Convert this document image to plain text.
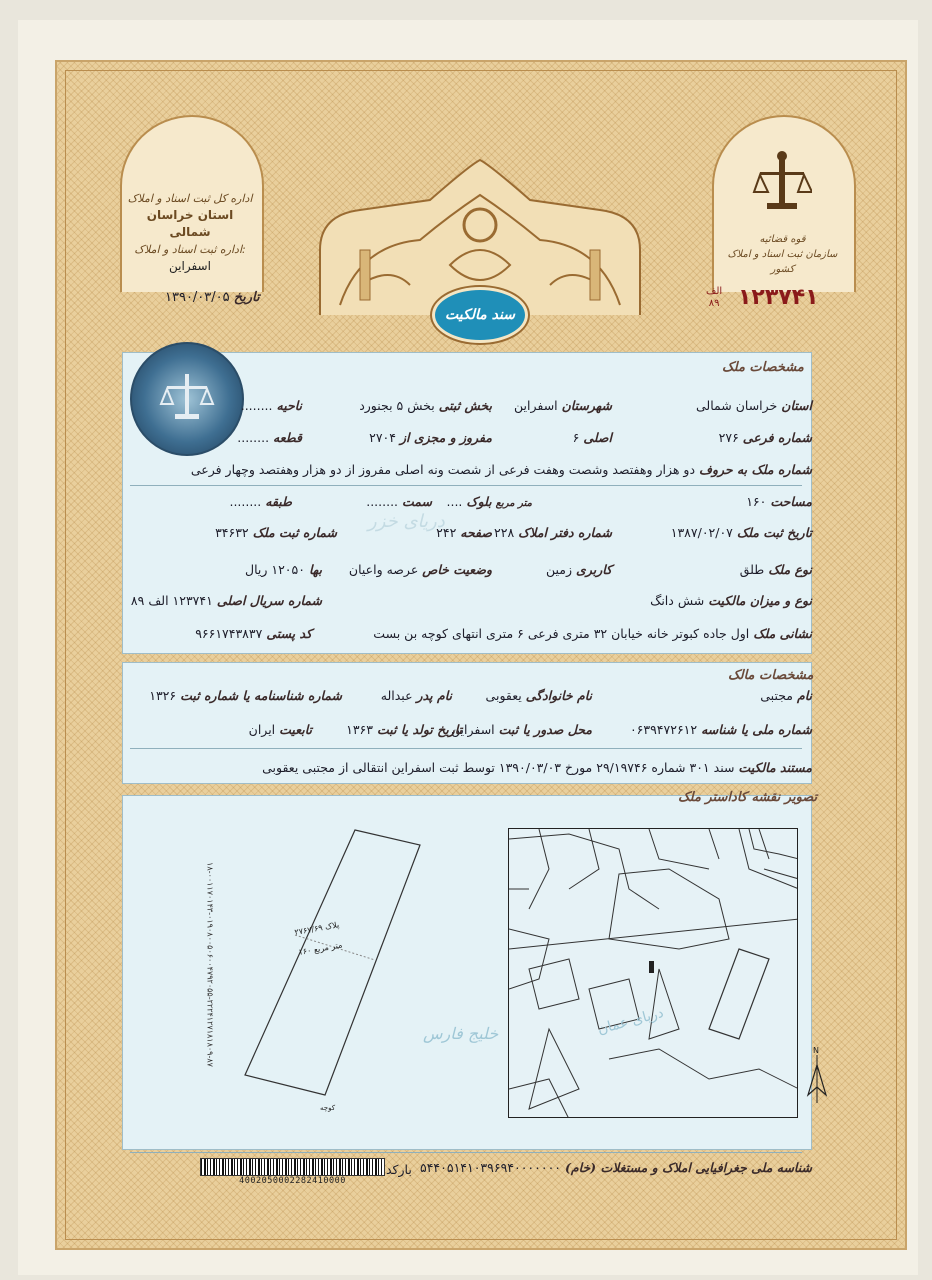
اداره کل ثبت اسناد و املاک
استان خراسان شمالی
اداره ثبت اسناد و املاک:
اسفراین
تاریخ ۱۳۹۰/۰۳/۰۵
قوه قضائیه
سازمان ثبت اسناد و املاک کشور
۱۲۳۷۴۱
الف
۸۹
سند مالکیت
دریای خزر
مشخصات ملک
استان خراسان شمالی
شهرستان اسفراین
بخش ثبتی بخش ۵ بجنورد
ناحیه ........
شماره فرعی ۲۷۶
اصلی ۶
مفروز و مجزی از ۲۷۰۴
قطعه ........
شماره ملک به حروف دو هزار وهفتصد وشصت وهفت فرعی از شصت ونه اصلی مفروز از دو هزار وهفتصد وچهار فرعی
مساحت ۱۶۰
متر مربع بلوک ....
سمت ........
طبقه ........
تاریخ ثبت ملک ۱۳۸۷/۰۲/۰۷
شماره دفتر املاک ۲۲۸
صفحه ۲۴۲
شماره ثبت ملک ۳۴۶۳۲
نوع ملک طلق
کاربری زمین
وضعیت خاص عرصه واعیان
بها ۱۲۰۵۰ ریال
نوع و میزان مالکیت شش دانگ
شماره سریال اصلی ۱۲۳۷۴۱ الف ۸۹
نشانی ملک اول جاده کبوتر خانه خیابان ۳۲ متری فرعی ۶ متری انتهای کوچه بن بست
کد پستی ۹۶۶۱۷۴۳۸۳۷
مشخصات مالک
نام مجتبی
نام خانوادگی یعقوبی
نام پدر عبداله
شماره شناسنامه یا شماره ثبت ۱۳۲۶
شماره ملی یا شناسه ۰۶۳۹۴۷۲۶۱۲
محل صدور یا ثبت اسفراین
تاریخ تولد یا ثبت ۱۳۶۳
تابعیت ایران
مستند مالکیت سند ۳۰۱ شماره ۲۹/۱۹۷۴۶ مورخ ۱۳۹۰/۰۳/۰۳ توسط ثبت اسفراین انتقالی از مجتبی یعقوبی
خلیج فارس
تصویر نقشه کاداستر ملک
پلاک ۲۷۶۷/۶۹
۱۶۰ متر مربع
کوچه
۱۸-۰۰۱۱۷۰۱۴۳-۰۱۹۰۸۰۰۵۰۶۰۰۴۷۹۲۰۵۵-۲۲۲۴۱۲۷۱۸۱۸۰۹-۸۷	دریای عمان
N
شناسه ملی جغرافیایی املاک و مستغلات (خام) ۵۴۴۰۵۱۴۱۰۳۹۶۹۴۰۰۰۰۰۰۰
بارکد
4002050002282410000
